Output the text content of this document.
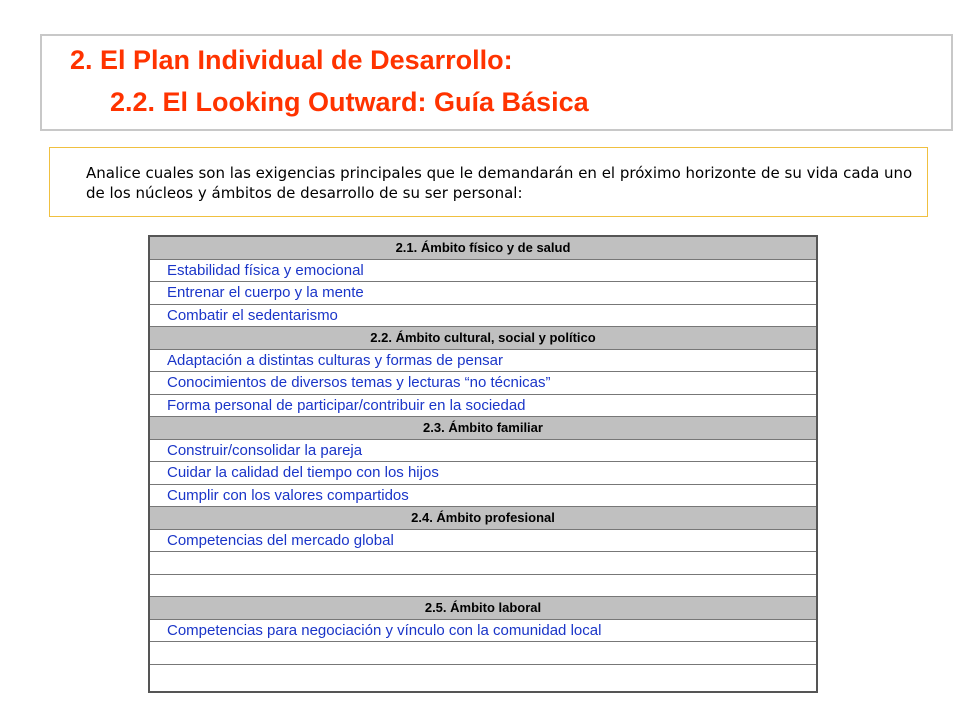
2. El Plan Individual de Desarrollo:
2.2. El Looking Outward: Guía Básica
Analice cuales son las exigencias principales que le demandarán en el próximo horizonte de su vida cada uno de los núcleos y ámbitos de desarrollo de su ser personal:
2.1. Ámbito físico y de salud
Estabilidad física y emocional
Entrenar el cuerpo y la mente
Combatir el sedentarismo
2.2. Ámbito cultural, social y político
Adaptación a distintas culturas y formas de pensar
Conocimientos de diversos temas y lecturas “no técnicas”
Forma personal de participar/contribuir en la sociedad
2.3. Ámbito familiar
Construir/consolidar la pareja
Cuidar la calidad del tiempo con los hijos
Cumplir con los valores compartidos
2.4. Ámbito profesional
Competencias del mercado global
2.5. Ámbito laboral
Competencias para negociación y vínculo con la comunidad local
